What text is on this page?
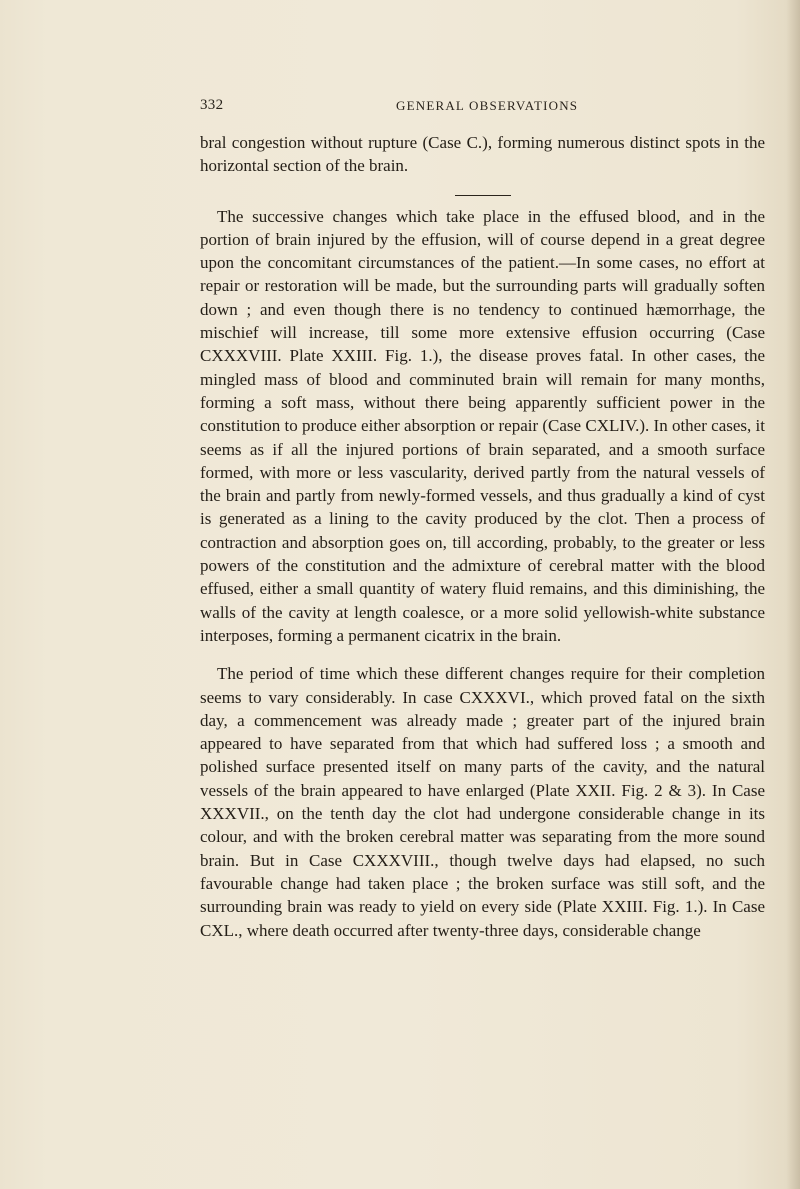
332	GENERAL OBSERVATIONS

bral congestion without rupture (Case C.), forming numerous distinct spots in the horizontal section of the brain.

The successive changes which take place in the effused blood, and in the portion of brain injured by the effusion, will of course depend in a great degree upon the concomitant circumstances of the patient.—In some cases, no effort at repair or restoration will be made, but the surrounding parts will gradually soften down ; and even though there is no tendency to continued hæmorrhage, the mischief will increase, till some more extensive effusion occurring (Case CXXXVIII. Plate XXIII. Fig. 1.), the disease proves fatal. In other cases, the mingled mass of blood and comminuted brain will remain for many months, forming a soft mass, without there being apparently sufficient power in the constitution to produce either absorption or repair (Case CXLIV.). In other cases, it seems as if all the injured portions of brain separated, and a smooth surface formed, with more or less vascularity, derived partly from the natural vessels of the brain and partly from newly-formed vessels, and thus gradually a kind of cyst is generated as a lining to the cavity produced by the clot. Then a process of contraction and absorption goes on, till according, probably, to the greater or less powers of the constitution and the admixture of cerebral matter with the blood effused, either a small quantity of watery fluid remains, and this diminishing, the walls of the cavity at length coalesce, or a more solid yellowish-white substance interposes, forming a permanent cicatrix in the brain.

The period of time which these different changes require for their completion seems to vary considerably. In case CXXXVI., which proved fatal on the sixth day, a commencement was already made ; greater part of the injured brain appeared to have separated from that which had suffered loss ; a smooth and polished surface presented itself on many parts of the cavity, and the natural vessels of the brain appeared to have enlarged (Plate XXII. Fig. 2 & 3). In Case XXXVII., on the tenth day the clot had undergone considerable change in its colour, and with the broken cerebral matter was separating from the more sound brain. But in Case CXXXVIII., though twelve days had elapsed, no such favourable change had taken place ; the broken surface was still soft, and the surrounding brain was ready to yield on every side (Plate XXIII. Fig. 1.). In Case CXL., where death occurred after twenty-three days, considerable change
